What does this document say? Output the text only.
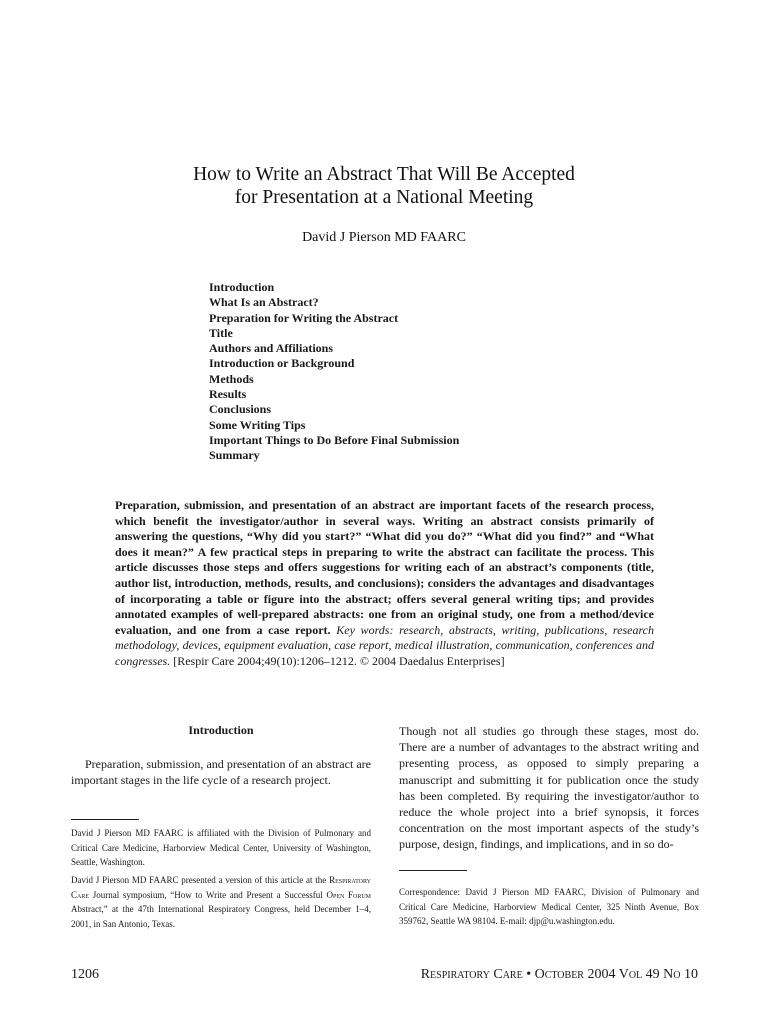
How to Write an Abstract That Will Be Accepted
for Presentation at a National Meeting
David J Pierson MD FAARC
Introduction
What Is an Abstract?
Preparation for Writing the Abstract
Title
Authors and Affiliations
Introduction or Background
Methods
Results
Conclusions
Some Writing Tips
Important Things to Do Before Final Submission
Summary
Preparation, submission, and presentation of an abstract are important facets of the research process, which benefit the investigator/author in several ways. Writing an abstract consists primarily of answering the questions, “Why did you start?” “What did you do?” “What did you find?” and “What does it mean?” A few practical steps in preparing to write the abstract can facilitate the process. This article discusses those steps and offers suggestions for writing each of an abstract’s components (title, author list, introduction, methods, results, and conclusions); considers the advantages and disadvantages of incorporating a table or figure into the abstract; offers several general writing tips; and provides annotated examples of well-prepared abstracts: one from an original study, one from a method/device evaluation, and one from a case report. Key words: research, abstracts, writing, publications, research methodology, devices, equipment evaluation, case report, medical illustration, communication, conferences and congresses. [Respir Care 2004;49(10):1206–1212. © 2004 Daedalus Enterprises]
Introduction
Preparation, submission, and presentation of an abstract are important stages in the life cycle of a research project.
Though not all studies go through these stages, most do. There are a number of advantages to the abstract writing and presenting process, as opposed to simply preparing a manuscript and submitting it for publication once the study has been completed. By requiring the investigator/author to reduce the whole project into a brief synopsis, it forces concentration on the most important aspects of the study’s purpose, design, findings, and implications, and in so do-
David J Pierson MD FAARC is affiliated with the Division of Pulmonary and Critical Care Medicine, Harborview Medical Center, University of Washington, Seattle, Washington.
David J Pierson MD FAARC presented a version of this article at the Respiratory Care Journal symposium, “How to Write and Present a Successful Open Forum Abstract,” at the 47th International Respiratory Congress, held December 1–4, 2001, in San Antonio, Texas.
Correspondence: David J Pierson MD FAARC, Division of Pulmonary and Critical Care Medicine, Harborview Medical Center, 325 Ninth Avenue, Box 359762, Seattle WA 98104. E-mail: djp@u.washington.edu.
1206	Respiratory Care • October 2004 Vol 49 No 10
